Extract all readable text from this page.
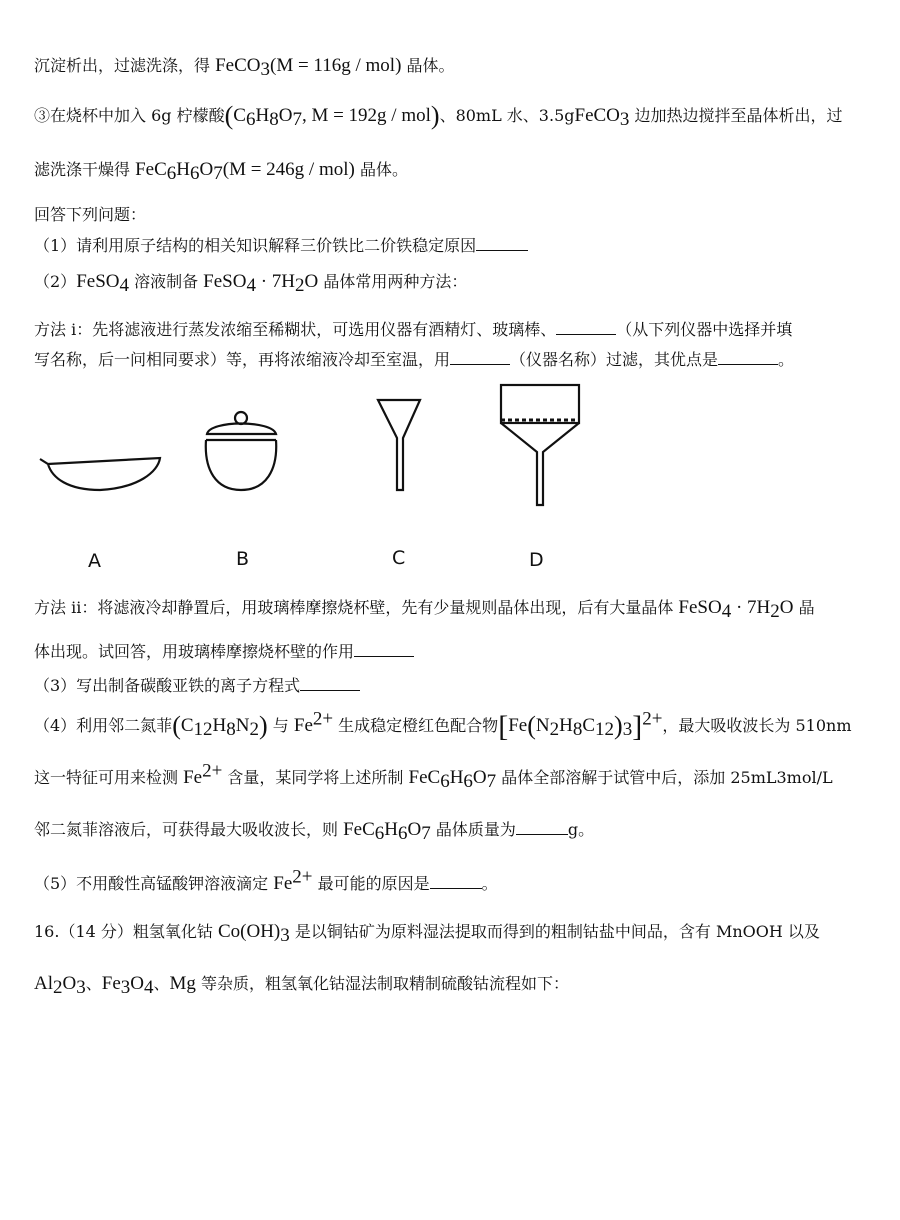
沉淀析出，过滤洗涤，得 FeCO$_3$(M = 116g / mol) 晶体。
③在烧杯中加入 6g 柠檬酸($C_6H_8O_7$, M = 192g / mol)、80mL 水、3.5gFeCO$_3$ 边加热边搅拌至晶体析出，过
滤洗涤干燥得 $FeC_6H_6O_7(M = 246g / mol)$ 晶体。
回答下列问题：
（1）请利用原子结构的相关知识解释三价铁比二价铁稳定原因
（2）FeSO$_4$ 溶液制备 FeSO$_4$ · $7H_2O$ 晶体常用两种方法：
方法 i：先将滤液进行蒸发浓缩至稀糊状，可选用仪器有酒精灯、玻璃棒、	（从下列仪器中选择并填
写名称，后一问相同要求）等，再将浓缩液冷却至室温，用	（仪器名称）过滤，其优点是	。
A	B	C	D
方法 ii：将滤液冷却静置后，用玻璃棒摩擦烧杯壁，先有少量规则晶体出现，后有大量晶体 FeSO$_4$ · $7H_2O$ 晶
体出现。试回答，用玻璃棒摩擦烧杯壁的作用
（3）写出制备碳酸亚铁的离子方程式
（4）利用邻二氮菲$(C_{12}H_8N_2)$ 与 $Fe^{2+}$ 生成稳定橙红色配合物$[Fe(N_2H_8C_{12})_3]^{2+}$，最大吸收波长为 510nm
这一特征可用来检测 $Fe^{2+}$ 含量，某同学将上述所制 $FeC_6H_6O_7$ 晶体全部溶解于试管中后，添加 25mL3mol/L
邻二氮菲溶液后，可获得最大吸收波长，则 $FeC_6H_6O_7$ 晶体质量为	g。
（5）不用酸性高锰酸钾溶液滴定 $Fe^{2+}$ 最可能的原因是	。
16.（14 分）粗氢氧化钴 $Co(OH)_3$ 是以铜钴矿为原料湿法提取而得到的粗制钴盐中间品，含有 MnOOH 以及
$Al_2O_3$、$Fe_3O_4$、Mg 等杂质，粗氢氧化钴湿法制取精制硫酸钴流程如下：
